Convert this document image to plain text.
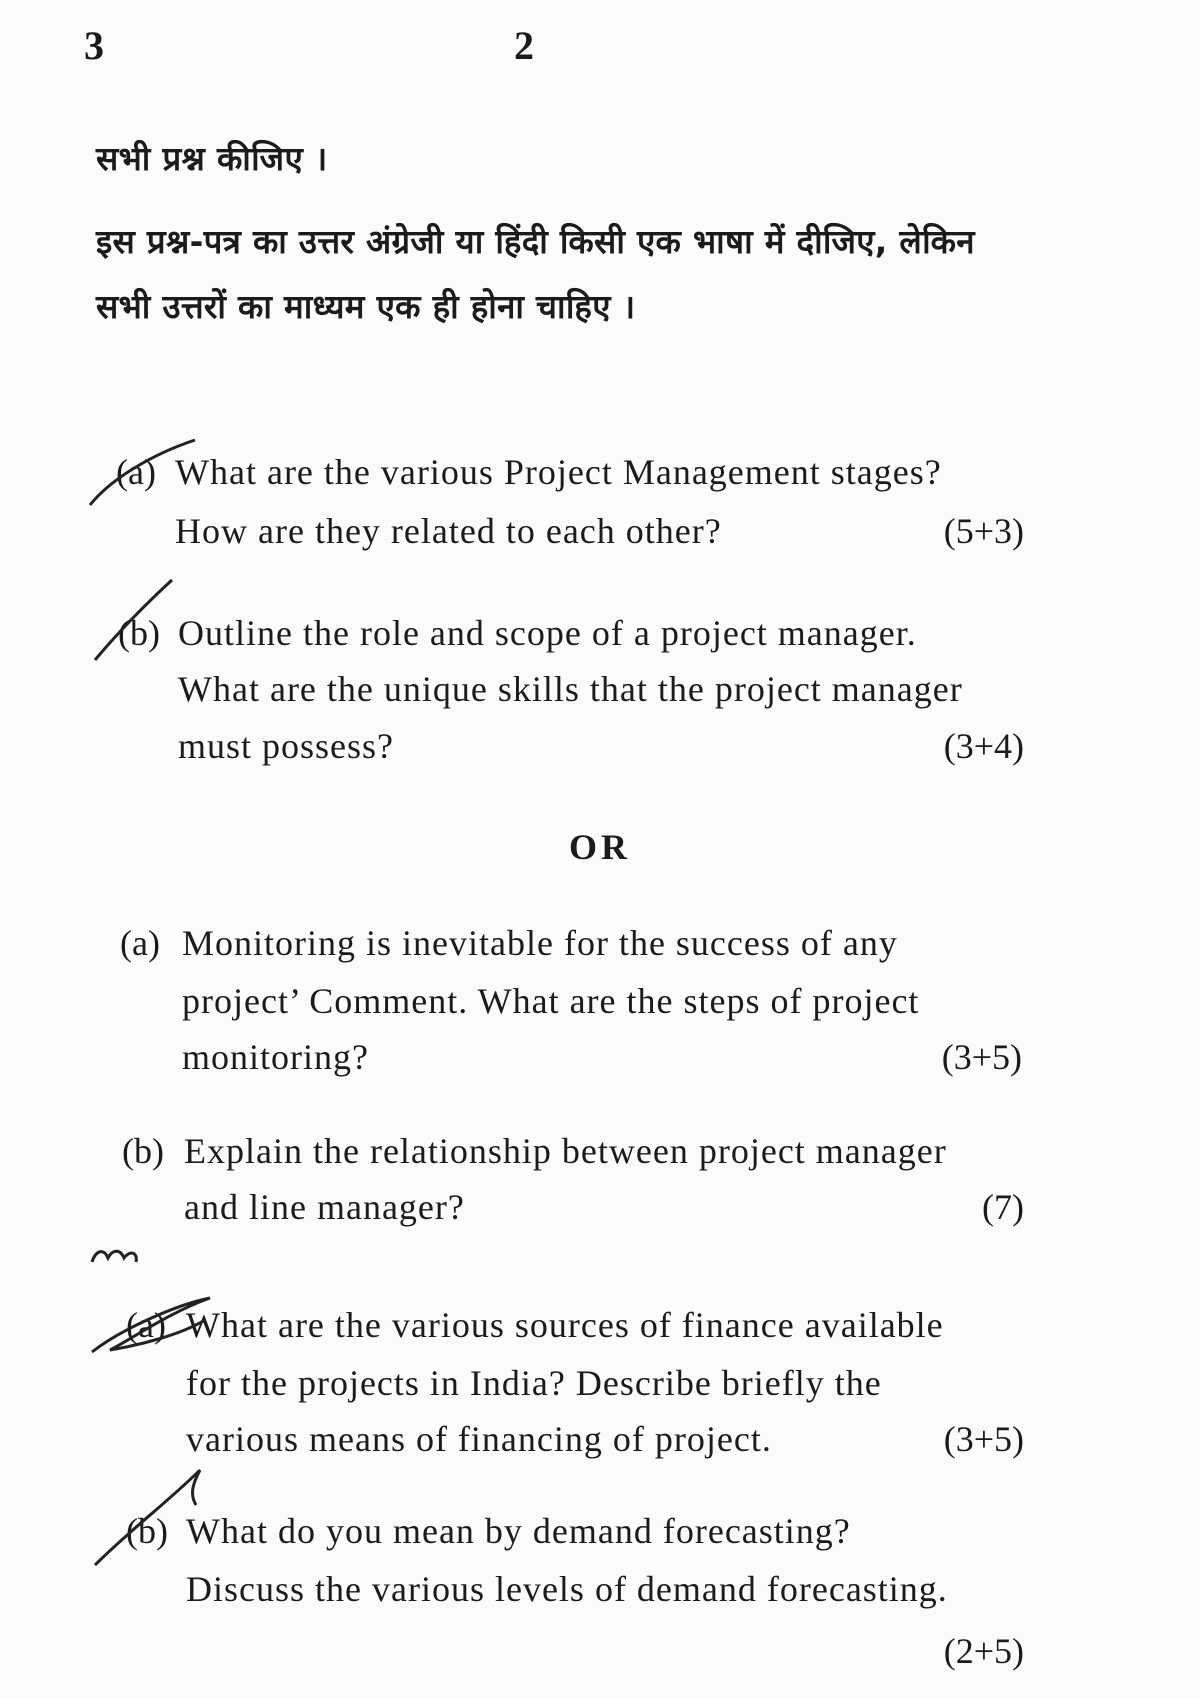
3	2
सभी प्रश्न कीजिए ।
इस प्रश्न-पत्र का उत्तर अंग्रेजी या हिंदी किसी एक भाषा में दीजिए, लेकिन
सभी उत्तरों का माध्यम एक ही होना चाहिए ।
(a) What are the various Project Management stages?
How are they related to each other?	(5+3)
(b) Outline the role and scope of a project manager.
What are the unique skills that the project manager
must possess?	(3+4)
OR
(a) Monitoring is inevitable for the success of any
project’ Comment. What are the steps of project
monitoring?	(3+5)
(b) Explain the relationship between project manager
and line manager?	(7)
(a) What are the various sources of finance available
for the projects in India? Describe briefly the
various means of financing of project.	(3+5)
(b) What do you mean by demand forecasting?
Discuss the various levels of demand forecasting.
(2+5)
